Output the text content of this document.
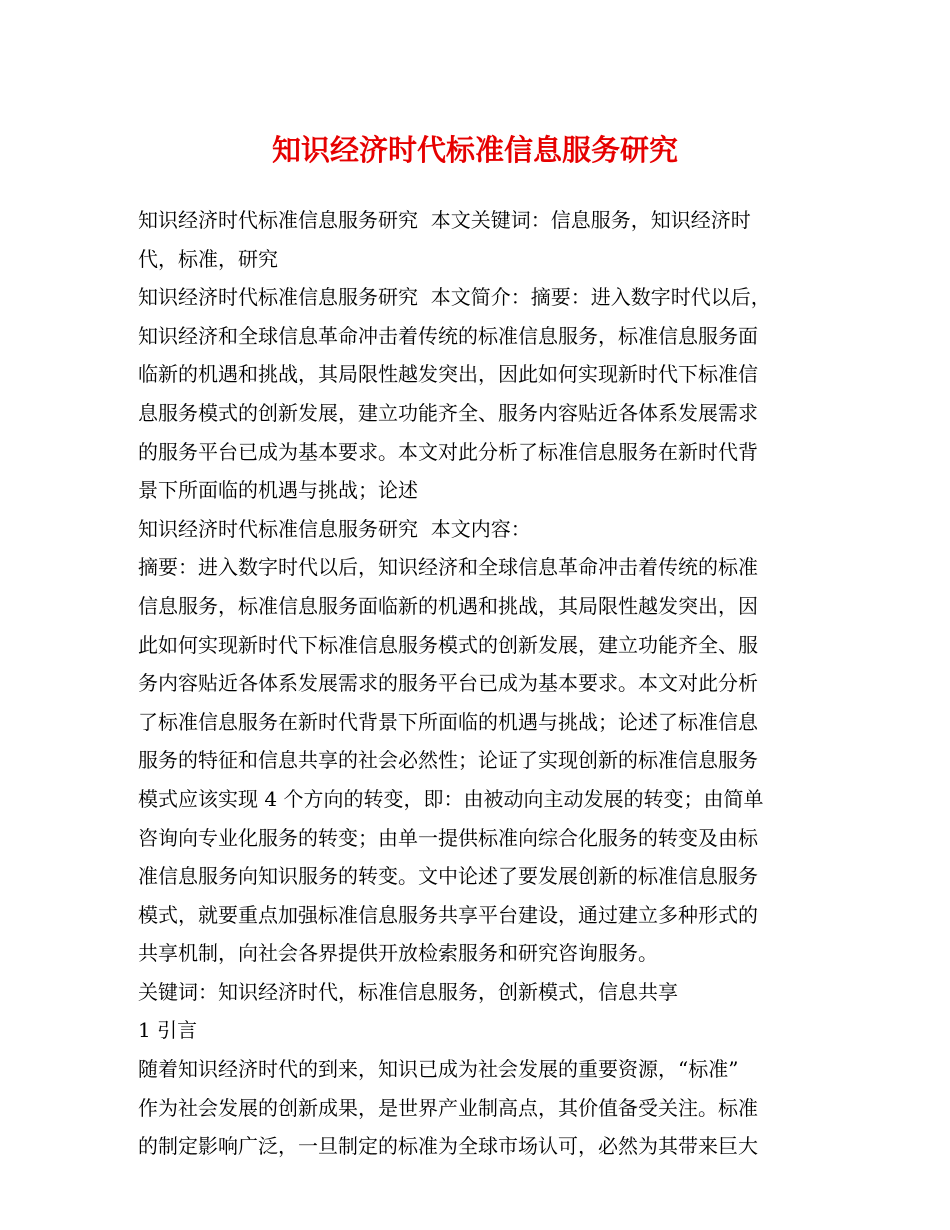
知识经济时代标准信息服务研究

知识经济时代标准信息服务研究  本文关键词：信息服务，知识经济时

代，标准，研究

知识经济时代标准信息服务研究  本文简介：摘要：进入数字时代以后，

知识经济和全球信息革命冲击着传统的标准信息服务，标准信息服务面

临新的机遇和挑战，其局限性越发突出，因此如何实现新时代下标准信

息服务模式的创新发展，建立功能齐全、服务内容贴近各体系发展需求

的服务平台已成为基本要求。本文对此分析了标准信息服务在新时代背

景下所面临的机遇与挑战；论述

知识经济时代标准信息服务研究  本文内容：

摘要：进入数字时代以后，知识经济和全球信息革命冲击着传统的标准

信息服务，标准信息服务面临新的机遇和挑战，其局限性越发突出，因

此如何实现新时代下标准信息服务模式的创新发展，建立功能齐全、服

务内容贴近各体系发展需求的服务平台已成为基本要求。本文对此分析

了标准信息服务在新时代背景下所面临的机遇与挑战；论述了标准信息

服务的特征和信息共享的社会必然性；论证了实现创新的标准信息服务

模式应该实现 4 个方向的转变，即：由被动向主动发展的转变；由简单

咨询向专业化服务的转变；由单一提供标准向综合化服务的转变及由标

准信息服务向知识服务的转变。文中论述了要发展创新的标准信息服务

模式，就要重点加强标准信息服务共享平台建设，通过建立多种形式的

共享机制，向社会各界提供开放检索服务和研究咨询服务。

关键词：知识经济时代，标准信息服务，创新模式，信息共享

1 引言

随着知识经济时代的到来，知识已成为社会发展的重要资源，“标准”

作为社会发展的创新成果，是世界产业制高点，其价值备受关注。标准

的制定影响广泛，一旦制定的标准为全球市场认可，必然为其带来巨大
